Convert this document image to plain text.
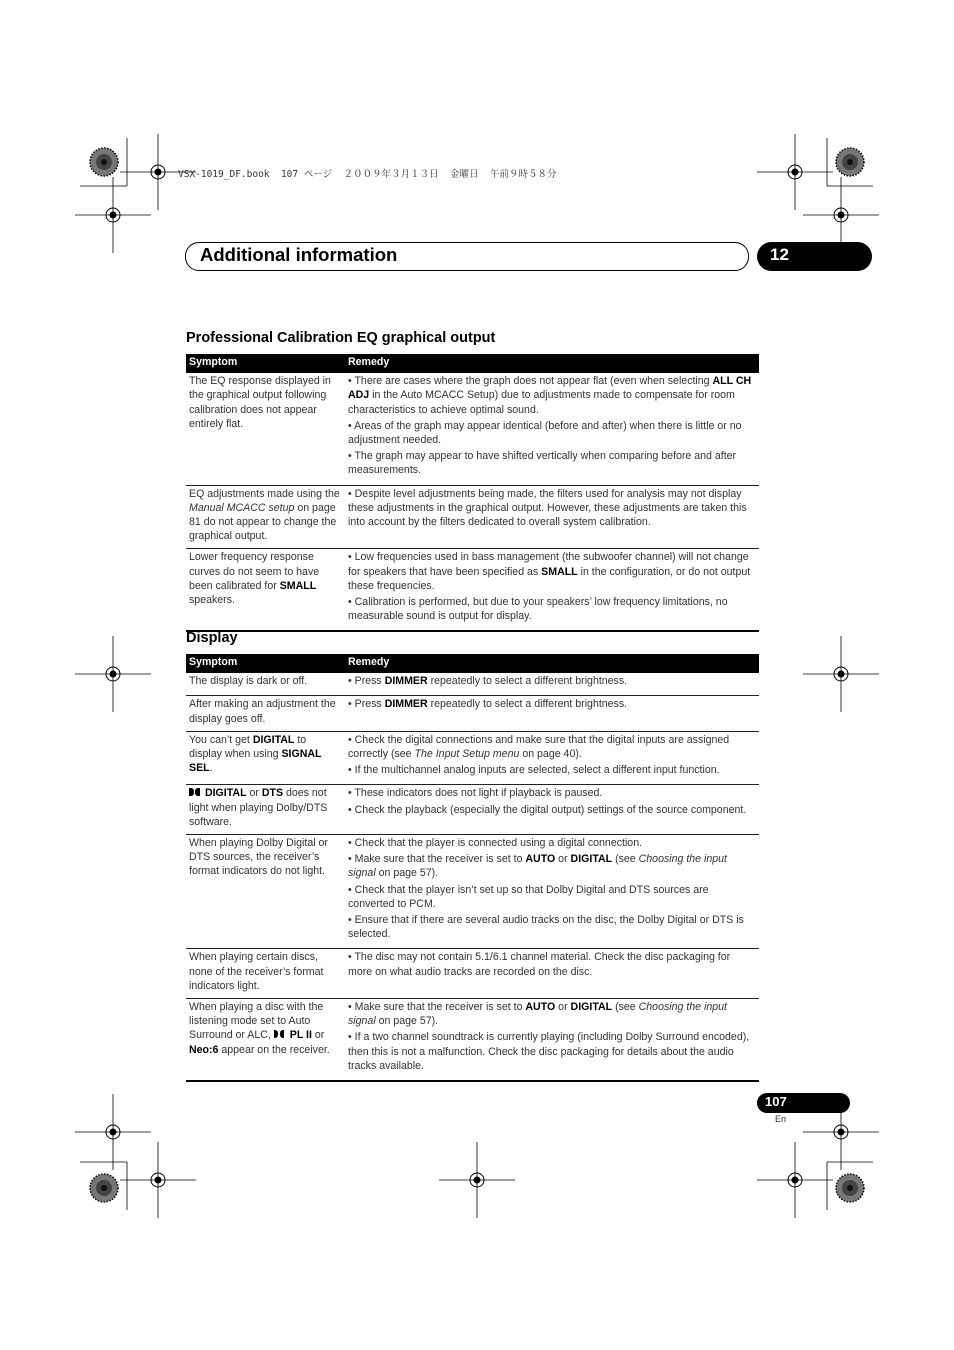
VSX-1019_DF.book  107 ページ  ２００９年３月１３日  金曜日  午前９時５８分
Additional information	12
Professional Calibration EQ graphical output
Symptom	Remedy
The EQ response displayed in the graphical output following calibration does not appear entirely flat.	• There are cases where the graph does not appear flat (even when selecting ALL CH ADJ in the Auto MCACC Setup) due to adjustments made to compensate for room characteristics to achieve optimal sound.

• Areas of the graph may appear identical (before and after) when there is little or no adjustment needed.

• The graph may appear to have shifted vertically when comparing before and after measurements.

EQ adjustments made using the Manual MCACC setup on page 81 do not appear to change the graphical output.	• Despite level adjustments being made, the filters used for analysis may not display these adjustments in the graphical output. However, these adjustments are taken this into account by the filters dedicated to overall system calibration.

Lower frequency response curves do not seem to have been calibrated for SMALL speakers.	• Low frequencies used in bass management (the subwoofer channel) will not change for speakers that have been specified as SMALL in the configuration, or do not output these frequencies.

• Calibration is performed, but due to your speakers’ low frequency limitations, no measurable sound is output for display.

Display
Symptom	Remedy
The display is dark or off.	• Press DIMMER repeatedly to select a different brightness.

After making an adjustment the display goes off.	• Press DIMMER repeatedly to select a different brightness.

You can’t get DIGITAL to display when using SIGNAL SEL.	• Check the digital connections and make sure that the digital inputs are assigned correctly (see The Input Setup menu on page 40).

• If the multichannel analog inputs are selected, select a different input function.

DIGITAL or DTS does not light when playing Dolby/DTS software.	• These indicators does not light if playback is paused.

• Check the playback (especially the digital output) settings of the source component.

When playing Dolby Digital or DTS sources, the receiver’s format indicators do not light.	• Check that the player is connected using a digital connection.

• Make sure that the receiver is set to AUTO or DIGITAL (see Choosing the input signal on page 57).

• Check that the player isn’t set up so that Dolby Digital and DTS sources are converted to PCM.

• Ensure that if there are several audio tracks on the disc, the Dolby Digital or DTS is selected.

When playing certain discs, none of the receiver’s format indicators light.	• The disc may not contain 5.1/6.1 channel material. Check the disc packaging for more on what audio tracks are recorded on the disc.

When playing a disc with the listening mode set to Auto Surround or ALC,  PL II or Neo:6 appear on the receiver.	• Make sure that the receiver is set to AUTO or DIGITAL (see Choosing the input signal on page 57).

• If a two channel soundtrack is currently playing (including Dolby Surround encoded), then this is not a malfunction. Check the disc packaging for details about the audio tracks available.

107
En
